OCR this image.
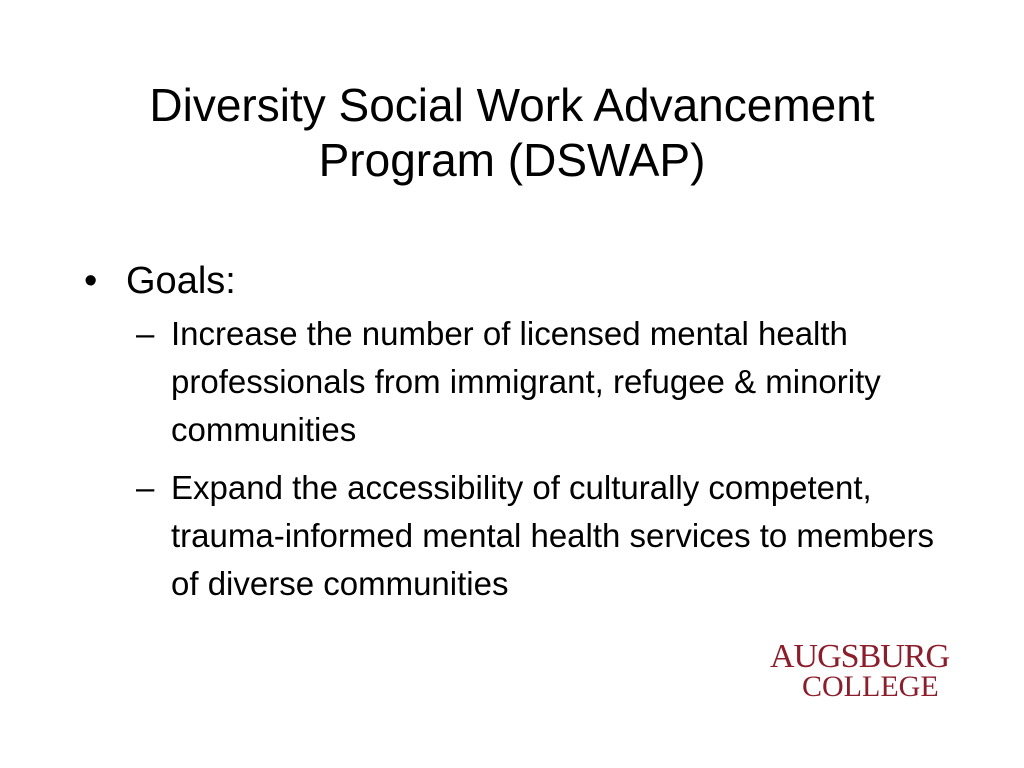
Diversity Social Work Advancement
Program (DSWAP)
• Goals:
– Increase the number of licensed mental health professionals from immigrant, refugee & minority communities
– Expand the accessibility of culturally competent, trauma-informed mental health services to members of diverse communities
AUGSBURG
COLLEGE
